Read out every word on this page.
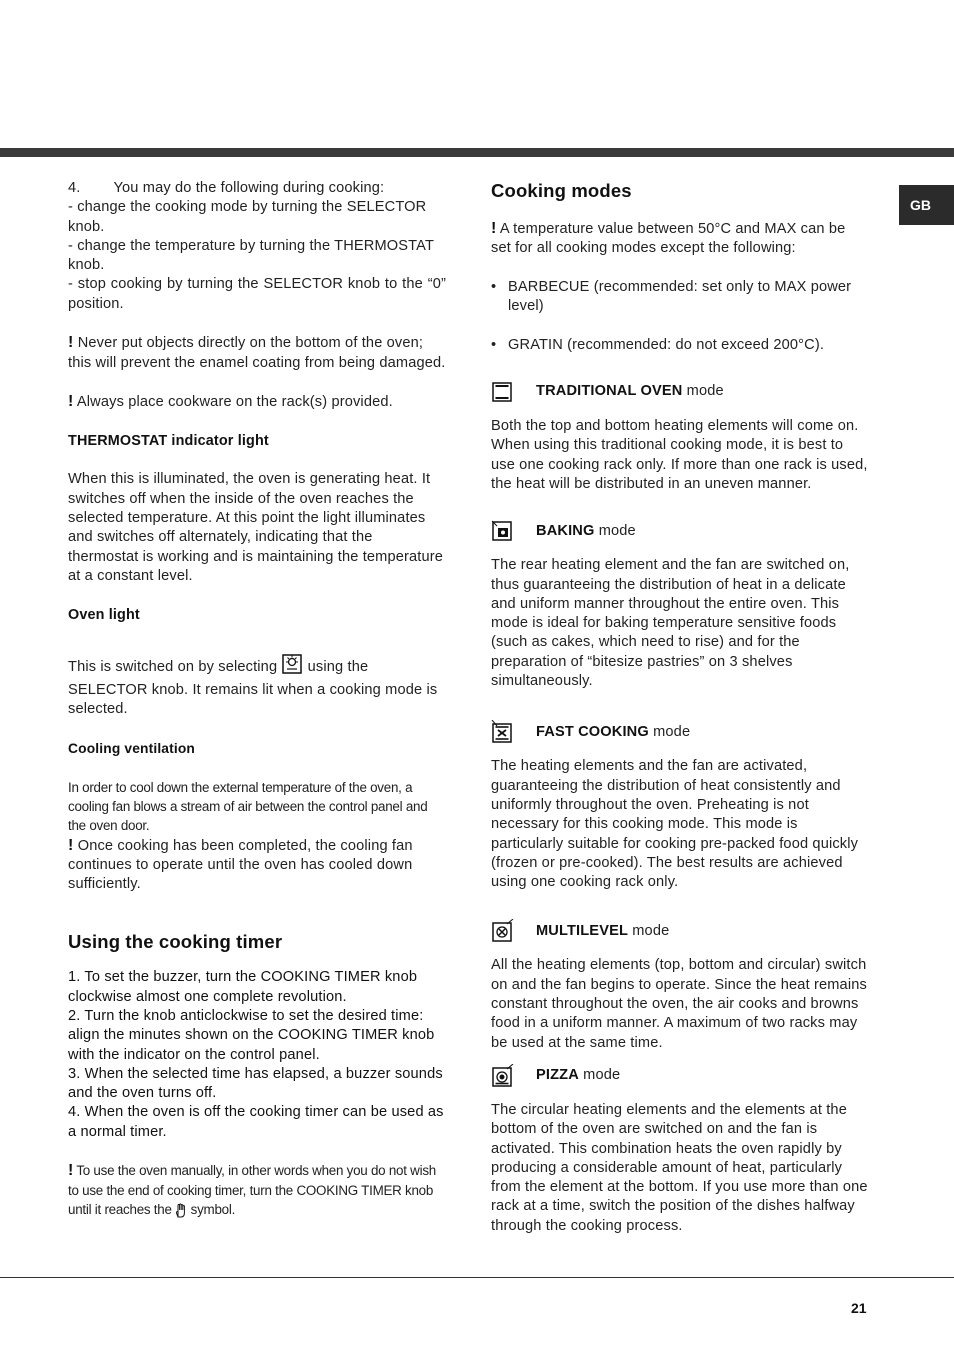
GB

4. You may do the following during cooking:

- change the cooking mode by turning the SELECTOR knob.

- change the temperature by turning the THERMOSTAT knob.

- stop cooking by turning the SELECTOR knob to the “0” position.

! Never put objects directly on the bottom of the oven; this will prevent the enamel coating from being damaged.

! Always place cookware on the rack(s) provided.

THERMOSTAT indicator light

When this is illuminated, the oven is generating heat. It switches off when the inside of the oven reaches the selected temperature. At this point the light illuminates and switches off alternately, indicating that the thermostat is working and is maintaining the temperature at a constant level.

Oven light

This is switched on by selecting using the SELECTOR knob. It remains lit when a cooking mode is selected.

Cooling ventilation

In order to cool down the external temperature of the oven, a cooling fan blows a stream of air between the control panel and the oven door.

! Once cooking has been completed, the cooling fan continues to operate until the oven has cooled down sufficiently.

Using the cooking timer

1. To set the buzzer, turn the COOKING TIMER knob clockwise almost one complete revolution.

2. Turn the knob anticlockwise to set the desired time: align the minutes shown on the COOKING TIMER knob with the indicator on the control panel.

3. When the selected time has elapsed, a buzzer sounds and the oven turns off.

4. When the oven is off the cooking timer can be used as a normal timer.

! To use the oven manually, in other words when you do not wish to use the end of cooking timer, turn the COOKING TIMER knob until it reaches the symbol.

Cooking modes

! A temperature value between 50°C and MAX can be set for all cooking modes except the following:

• BARBECUE (recommended: set only to MAX power level)
• GRATIN (recommended: do not exceed 200°C).
TRADITIONAL OVEN mode

Both the top and bottom heating elements will come on. When using this traditional cooking mode, it is best to use one cooking rack only. If more than one rack is used, the heat will be distributed in an uneven manner.

BAKING mode

The rear heating element and the fan are switched on, thus guaranteeing the distribution of heat in a delicate and uniform manner throughout the entire oven. This mode is ideal for baking temperature sensitive foods (such as cakes, which need to rise) and for the preparation of “bitesize pastries” on 3 shelves simultaneously.

FAST COOKING mode

The heating elements and the fan are activated, guaranteeing the distribution of heat consistently and uniformly throughout the oven. Preheating is not necessary for this cooking mode. This mode is particularly suitable for cooking pre-packed food quickly (frozen or pre-cooked). The best results are achieved using one cooking rack only.

MULTILEVEL mode

All the heating elements (top, bottom and circular) switch on and the fan begins to operate. Since the heat remains constant throughout the oven, the air cooks and browns food in a uniform manner. A maximum of two racks may be used at the same time.

PIZZA mode

The circular heating elements and the elements at the bottom of the oven are switched on and the fan is activated. This combination heats the oven rapidly by producing a considerable amount of heat, particularly from the element at the bottom. If you use more than one rack at a time, switch the position of the dishes halfway through the cooking process.

21
